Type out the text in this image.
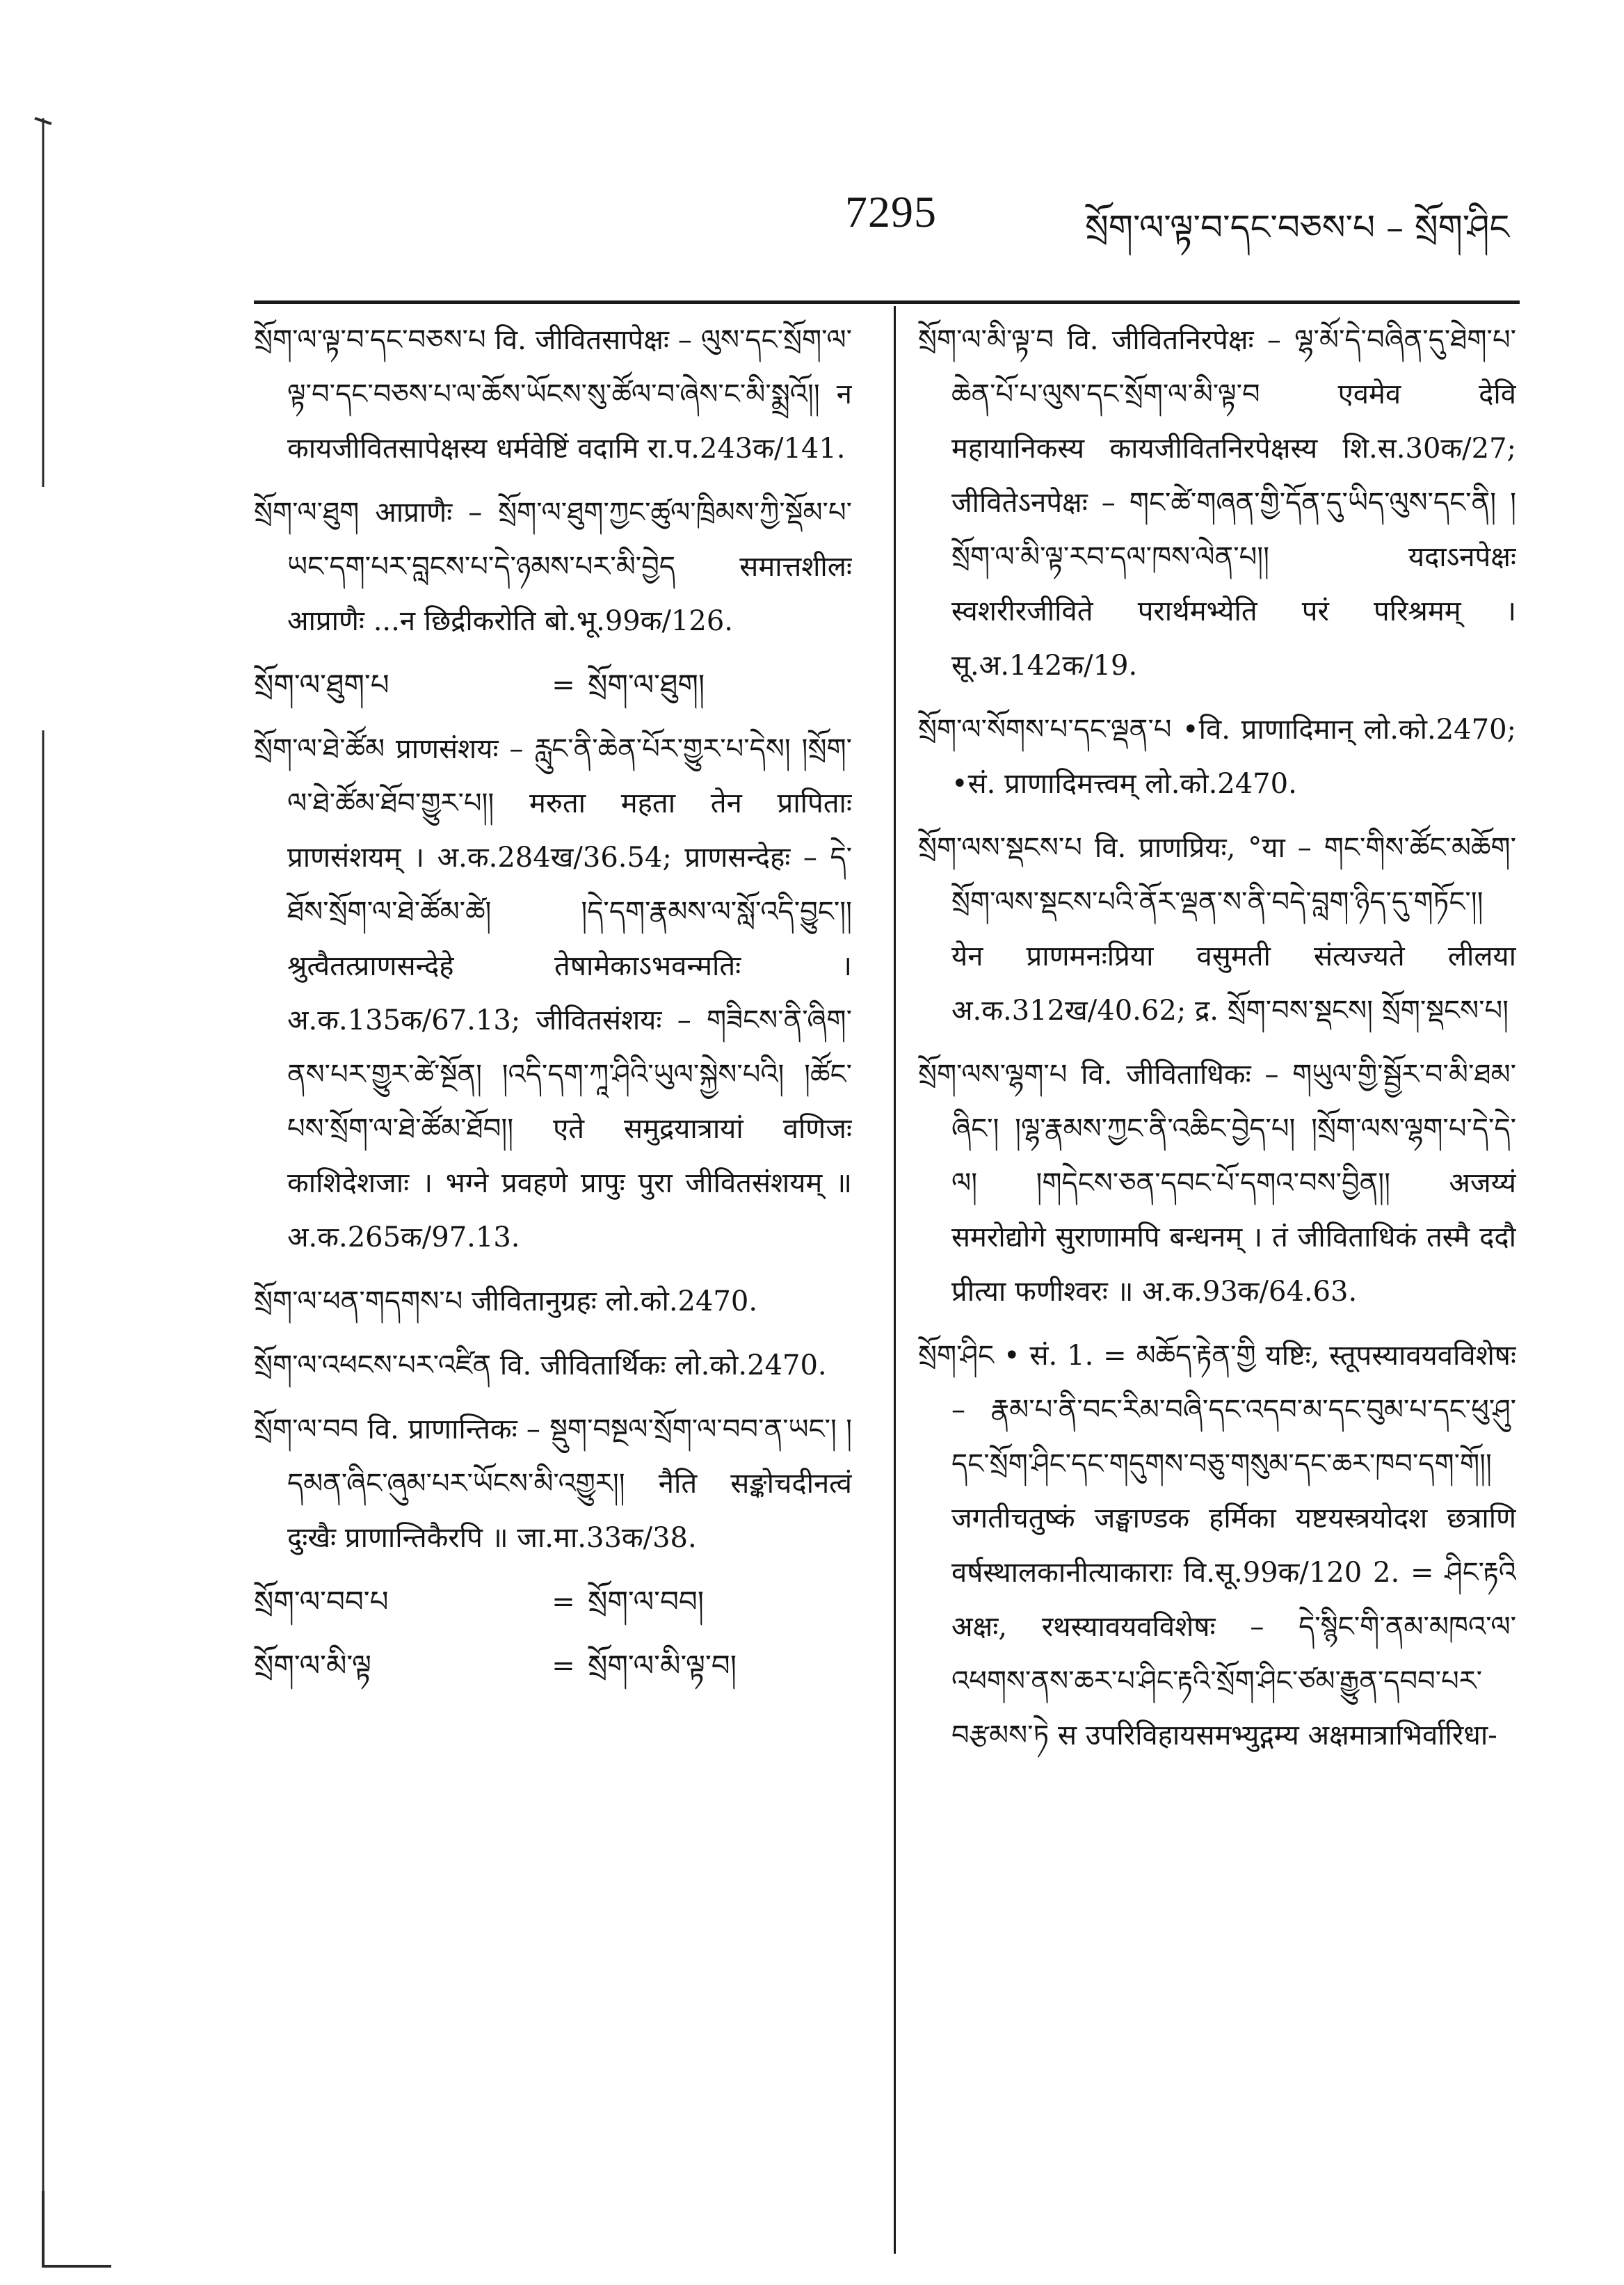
7295	སྲོག་ལ་ལྟ་བ་དང་བཅས་པ – སྲོག་ཤིང

སྲོག་ལ་ལྟ་བ་དང་བཅས་པ वि. जीवितसापेक्षः – ལུས་དང་སྲོག་ལ་ལྟ་བ་དང་བཅས་པ་ལ་ཆོས་ཡོངས་སུ་ཚོལ་བ་ཞེས་ང་མི་སྨྲའོ།། न कायजीवितसापेक्षस्य धर्मवेष्टिं वदामि रा.प.243क/141.

སྲོག་ལ་ཐུག आप्राणैः – སྲོག་ལ་ཐུག་ཀྱང་ཚུལ་ཁྲིམས་ཀྱི་སྡོམ་པ་ཡང་དག་པར་བླངས་པ་དེ་ཉམས་པར་མི་བྱེད समात्तशीलः आप्राणैः ...न छिद्रीकरोति बो.भू.99क/126.

སྲོག་ལ་ཐུག་པ	= སྲོག་ལ་ཐུག།

སྲོག་ལ་ཐེ་ཚོམ प्राणसंशयः – རླུང་ནི་ཆེན་པོར་གྱུར་པ་དེས། །སྲོག་ལ་ཐེ་ཚོམ་ཐོབ་གྱུར་པ།། मरुता महता तेन प्रापिताः प्राणसंशयम् । अ.क.284ख/36.54; प्राणसन्देहः – དེ་ཐོས་སྲོག་ལ་ཐེ་ཚོམ་ཚེ། །དེ་དག་རྣམས་ལ་སློ་འདི་བྱུང་།། श्रुत्वैतत्प्राणसन्देहे तेषामेकाऽभवन्मतिः । अ.क.135क/67.13; जीवितसंशयः – གཟིངས་ནི་ཞིག་ནས་པར་གྱུར་ཚེ་སྔོན། །འདི་དག་ཀཱ་ཤིའི་ཡུལ་སྐྱེས་པའི། །ཚོང་པས་སྲོག་ལ་ཐེ་ཚོམ་ཐོབ།། एते समुद्रयात्रायां वणिजः काशिदेशजाः । भग्ने प्रवहणे प्रापुः पुरा जीवितसंशयम् ॥ अ.क.265क/97.13.

སྲོག་ལ་ཕན་གདགས་པ जीवितानुग्रहः लो.को.2470.

སྲོག་ལ་འཕངས་པར་འཛིན वि. जीवितार्थिकः लो.को.2470.

སྲོག་ལ་བབ वि. प्राणान्तिकः – སྡུག་བསྔལ་སྲོག་ལ་བབ་ན་ཡང་། །དམན་ཞིང་ཞུམ་པར་ཡོངས་མི་འགྱུར།། नैति सङ्कोचदीनत्वं दुःखैः प्राणान्तिकैरपि ॥ जा.मा.33क/38.

སྲོག་ལ་བབ་པ	= སྲོག་ལ་བབ།
སྲོག་ལ་མི་ལྟ	= སྲོག་ལ་མི་ལྟ་བ།

སྲོག་ལ་མི་ལྟ་བ वि. जीवितनिरपेक्षः – ལྷ་མོ་དེ་བཞིན་དུ་ཐེག་པ་ཆེན་པོ་པ་ལུས་དང་སྲོག་ལ་མི་ལྟ་བ एवमेव देवि महायानिकस्य कायजीवितनिरपेक्षस्य शि.स.30क/27; जीवितेऽनपेक्षः – གང་ཚེ་གཞན་གྱི་དོན་དུ་ཡིད་ལུས་དང་ནི། །སྲོག་ལ་མི་ལྟ་རབ་དལ་ཁས་ལེན་པ།། यदाऽनपेक्षः स्वशरीरजीविते परार्थमभ्येति परं परिश्रमम् । सू.अ.142क/19.

སྲོག་ལ་སོགས་པ་དང་ལྡན་པ •वि. प्राणादिमान् लो.को.2470; •सं. प्राणादिमत्त्वम् लो.को.2470.

སྲོག་ལས་སྡངས་པ वि. प्राणप्रियः, °या – གང་གིས་ཚོང་མཆོག་སྲོག་ལས་སྡངས་པའི་ནོར་ལྡན་ས་ནི་བདེ་བླག་ཉིད་དུ་གཏོང་།། येन प्राणमनःप्रिया वसुमती संत्यज्यते लीलया अ.क.312ख/40.62; द्र. སྲོག་བས་སྡངས། སྲོག་སྡངས་པ།

སྲོག་ལས་ལྷག་པ वि. जीविताधिकः – གཡུལ་གྱི་སྦྱོར་བ་མི་ཐམ་ཞིང་། །ལྷ་རྣམས་ཀྱང་ནི་འཆིང་བྱེད་པ། །སྲོག་ལས་ལྷག་པ་དེ་དེ་ལ། །གདེངས་ཅན་དབང་པོ་དགའ་བས་བྱིན།། अजय्यं समरोद्योगे सुराणामपि बन्धनम् । तं जीविताधिकं तस्मै ददौ प्रीत्या फणीश्वरः ॥ अ.क.93क/64.63.

སྲོག་ཤིང • सं. 1. = མཆོད་རྟེན་གྱི यष्टिः, स्तूपस्यावयवविशेषः – རྣམ་པ་ནི་བང་རིམ་བཞི་དང་འདབ་མ་དང་བུམ་པ་དང་ཕུ་ཤུ་དང་སྲོག་ཤིང་དང་གདུགས་བཅུ་གསུམ་དང་ཆར་ཁབ་དག་གོ།། जगतीचतुष्कं जङ्घाण्डक हर्मिका यष्टयस्त्रयोदश छत्राणि वर्षस्थालकानीत्याकाराः वि.सू.99क/120 2. = ཤིང་རྟའི अक्षः, रथस्यावयवविशेषः – དེ་སྙིང་གི་ནམ་མཁའ་ལ་འཕགས་ནས་ཆར་པ་ཤིང་རྟའི་སྲོག་ཤིང་ཙམ་རྒྱུན་དབབ་པར་བརྩམས་ཏེ स उपरिविहायसमभ्युद्गम्य अक्षमात्राभिर्वारिधा-
